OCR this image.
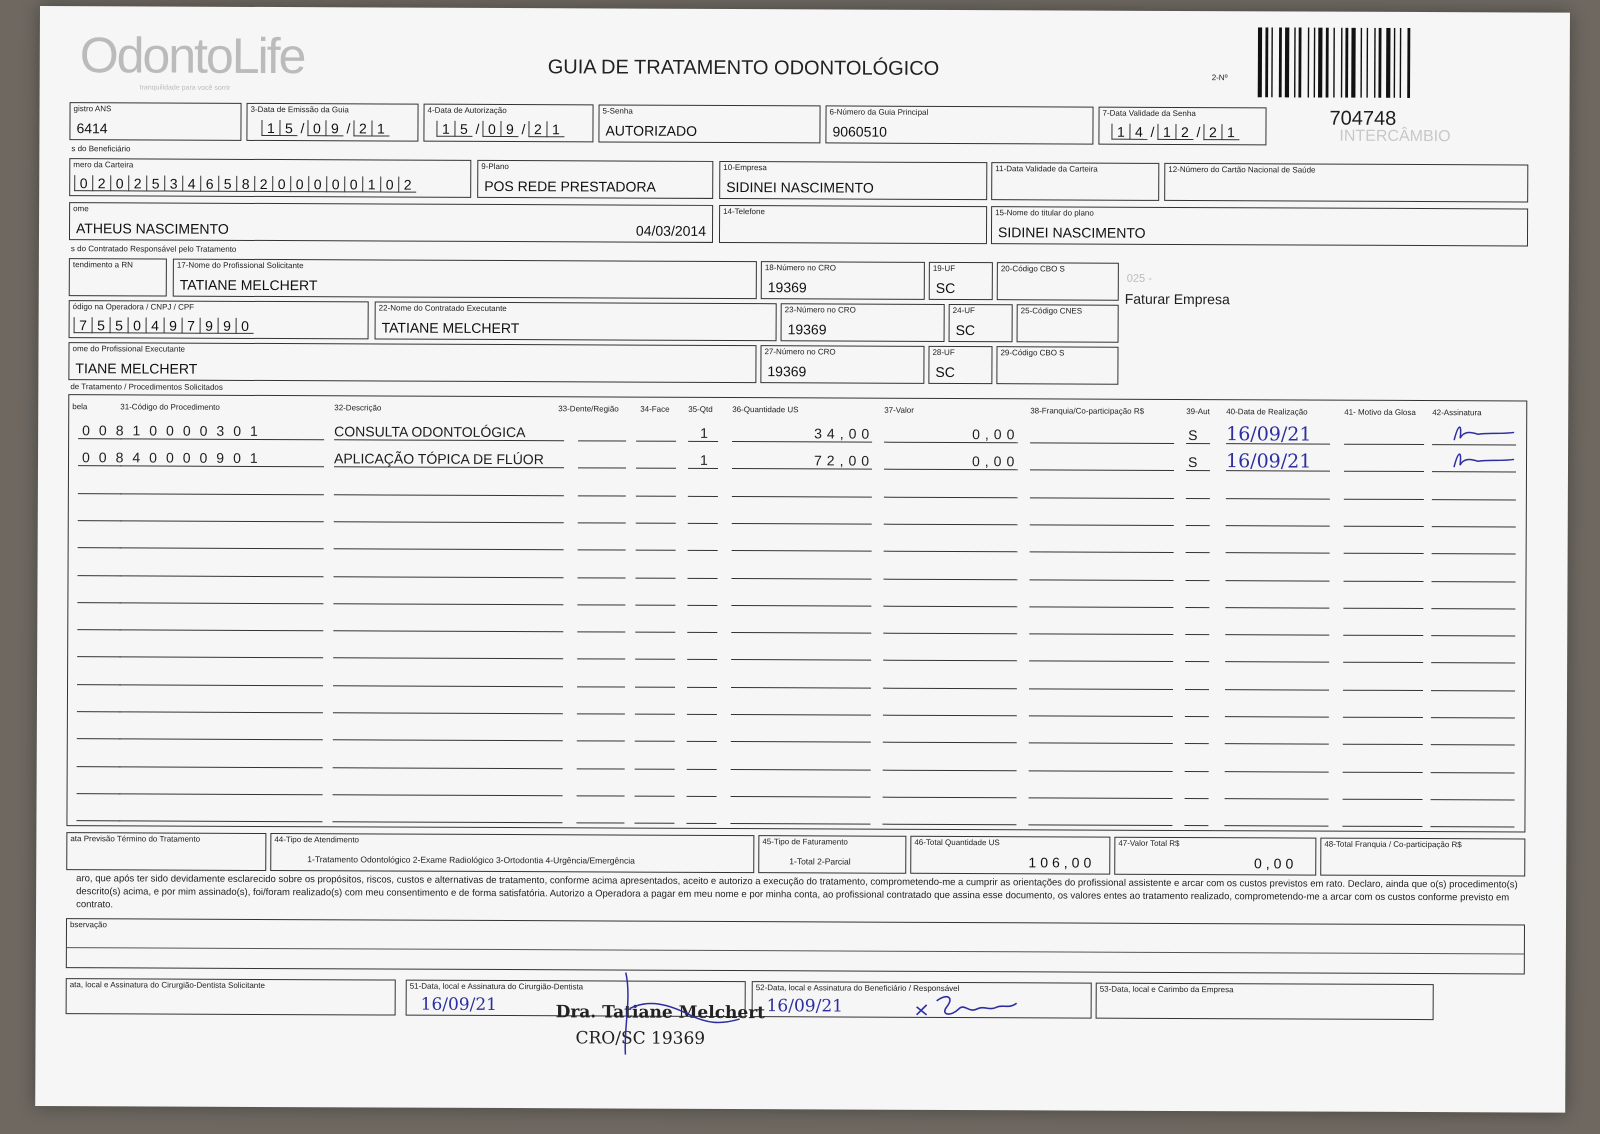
OdontoLife
tranquilidade para você sorrir
GUIA DE TRATAMENTO ODONTOLÓGICO	2-Nº
704748
INTERCÂMBIO
gistro ANS
6414
3-Data de Emissão da Guia
1 5 / 0 9 / 2 1
4-Data de Autorização
1 5 / 0 9 / 2 1
5-Senha
AUTORIZADO
6-Número da Guia Principal
9060510
7-Data Validade da Senha
1 4 / 1 2 / 2 1
s do Beneficiário
mero da Carteira
0 2 0 2 5 3 4 6 5 8 2 0 0 0 0 0 1 0 2
9-Plano
POS REDE PRESTADORA
10-Empresa
SIDINEI NASCIMENTO
11-Data Validade da Carteira	12-Número do Cartão Nacional de Saúde
ome
ATHEUS NASCIMENTO	04/03/2014
14-Telefone	15-Nome do titular do plano
SIDINEI NASCIMENTO
s do Contratado Responsável pelo Tratamento
tendimento a RN	17-Nome do Profissional Solicitante
TATIANE MELCHERT
18-Número no CRO
19369
19-UF
SC
20-Código CBO S
025 -
Faturar Empresa
ódigo na Operadora / CNPJ / CPF
7 5 5 0 4 9 7 9 9 0
22-Nome do Contratado Executante
TATIANE MELCHERT
23-Número no CRO
19369
24-UF
SC
25-Código CNES
ome do Profissional Executante
TIANE MELCHERT
27-Número no CRO
19369
28-UF
SC
29-Código CBO S
de Tratamento / Procedimentos Solicitados
bela	31-Código do Procedimento	32-Descrição	33-Dente/Região	34-Face 35-Qtd 36-Quantidade US	37-Valor	38-Franquia/Co-participação R$	39-Aut 40-Data de Realização	41- Motivo da Glosa 42-Assinatura
00810000301	CONSULTA ODONTOLÓGICA	1	34,00	0,00	S 16/09/21
00840000901	APLICAÇÃO TÓPICA DE FLÚOR	1	72,00	0,00	S 16/09/21
ata Previsão Término do Tratamento	44-Tipo de Atendimento
1-Tratamento Odontológico 2-Exame Radiológico 3-Ortodontia 4-Urgência/Emergência
45-Tipo de Faturamento
1-Total 2-Parcial
46-Total Quantidade US
106,00
47-Valor Total R$
0,00
48-Total Franquia / Co-participação R$
aro, que após ter sido devidamente esclarecido sobre os propósitos, riscos, custos e alternativas de tratamento, conforme acima apresentados, aceito e autorizo a execução do tratamento, comprometendo-me a cumprir as orientações do profissional assistente e arcar com os custos previstos em rato. Declaro, ainda que o(s) procedimento(s) descrito(s) acima, e por mim assinado(s), foi/foram realizado(s) com meu consentimento e de forma satisfatória. Autorizo a Operadora a pagar em meu nome e por minha conta, ao profissional contratado que assina esse documento, os valores entes ao tratamento realizado, comprometendo-me a arcar com os custos conforme previsto em contrato.
bservação
ata, local e Assinatura do Cirurgião-Dentista Solicitante	51-Data, local e Assinatura do Cirurgião-Dentista
16/09/21
52-Data, local e Assinatura do Beneficiário / Responsável
16/09/21
53-Data, local e Carimbo da Empresa
Dra. Tatiane Melchert
CRO/SC 19369
